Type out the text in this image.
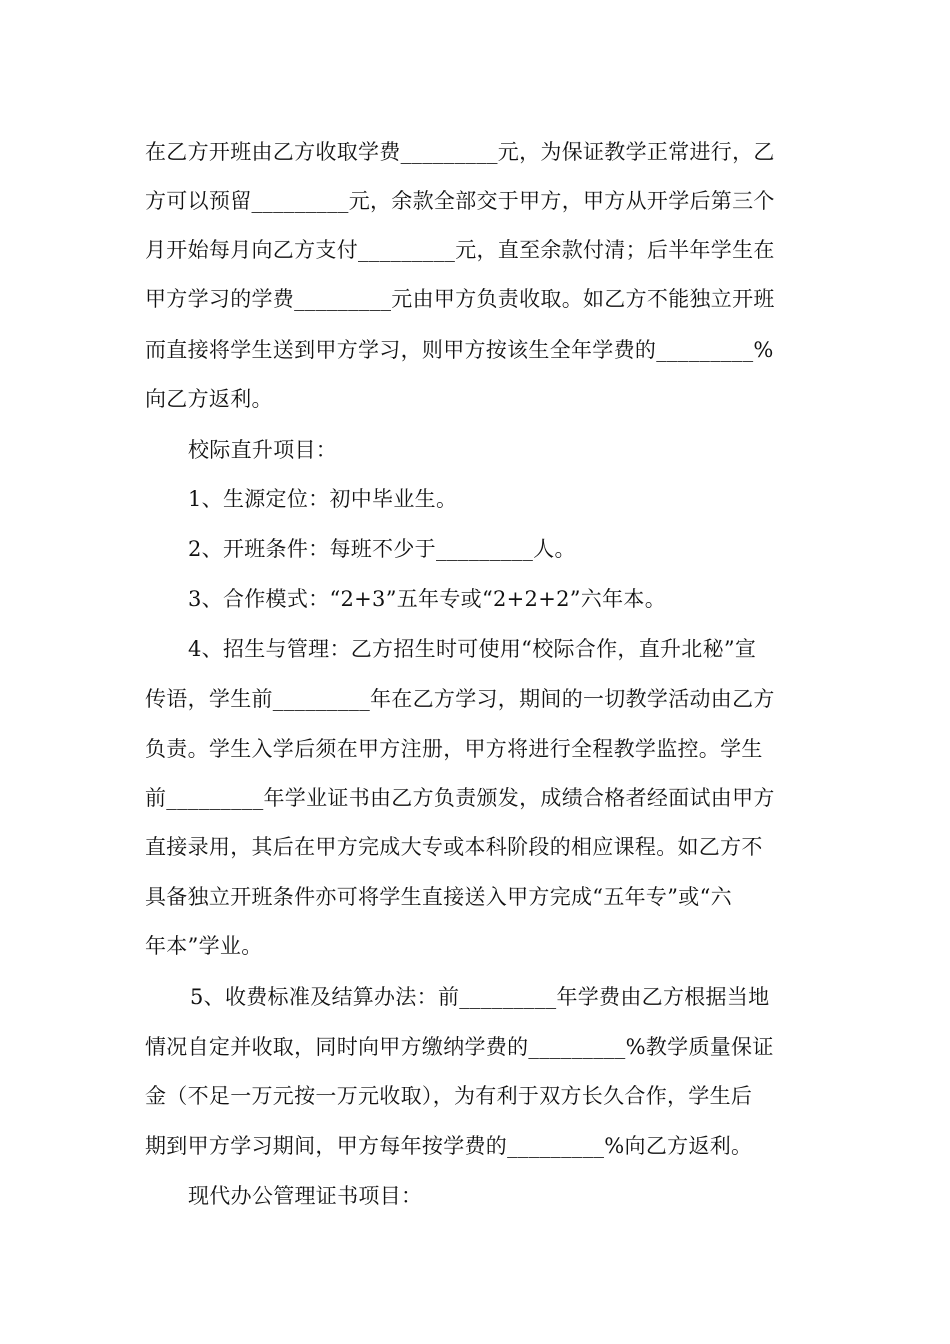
在乙方开班由乙方收取学费_________元，为保证教学正常进行，乙
方可以预留_________元，余款全部交于甲方，甲方从开学后第三个
月开始每月向乙方支付_________元，直至余款付清；后半年学生在
甲方学习的学费_________元由甲方负责收取。如乙方不能独立开班
而直接将学生送到甲方学习，则甲方按该生全年学费的_________%
向乙方返利。
校际直升项目：
1、生源定位：初中毕业生。
2、开班条件：每班不少于_________人。
3、合作模式：“2+3”五年专或“2+2+2”六年本。
4、招生与管理：乙方招生时可使用“校际合作，直升北秘”宣
传语，学生前_________年在乙方学习，期间的一切教学活动由乙方
负责。学生入学后须在甲方注册，甲方将进行全程教学监控。学生
前_________年学业证书由乙方负责颁发，成绩合格者经面试由甲方
直接录用，其后在甲方完成大专或本科阶段的相应课程。如乙方不
具备独立开班条件亦可将学生直接送入甲方完成“五年专”或“六
年本”学业。
5、收费标准及结算办法：前_________年学费由乙方根据当地
情况自定并收取，同时向甲方缴纳学费的_________%教学质量保证
金（不足一万元按一万元收取），为有利于双方长久合作，学生后
期到甲方学习期间，甲方每年按学费的_________%向乙方返利。
现代办公管理证书项目：
